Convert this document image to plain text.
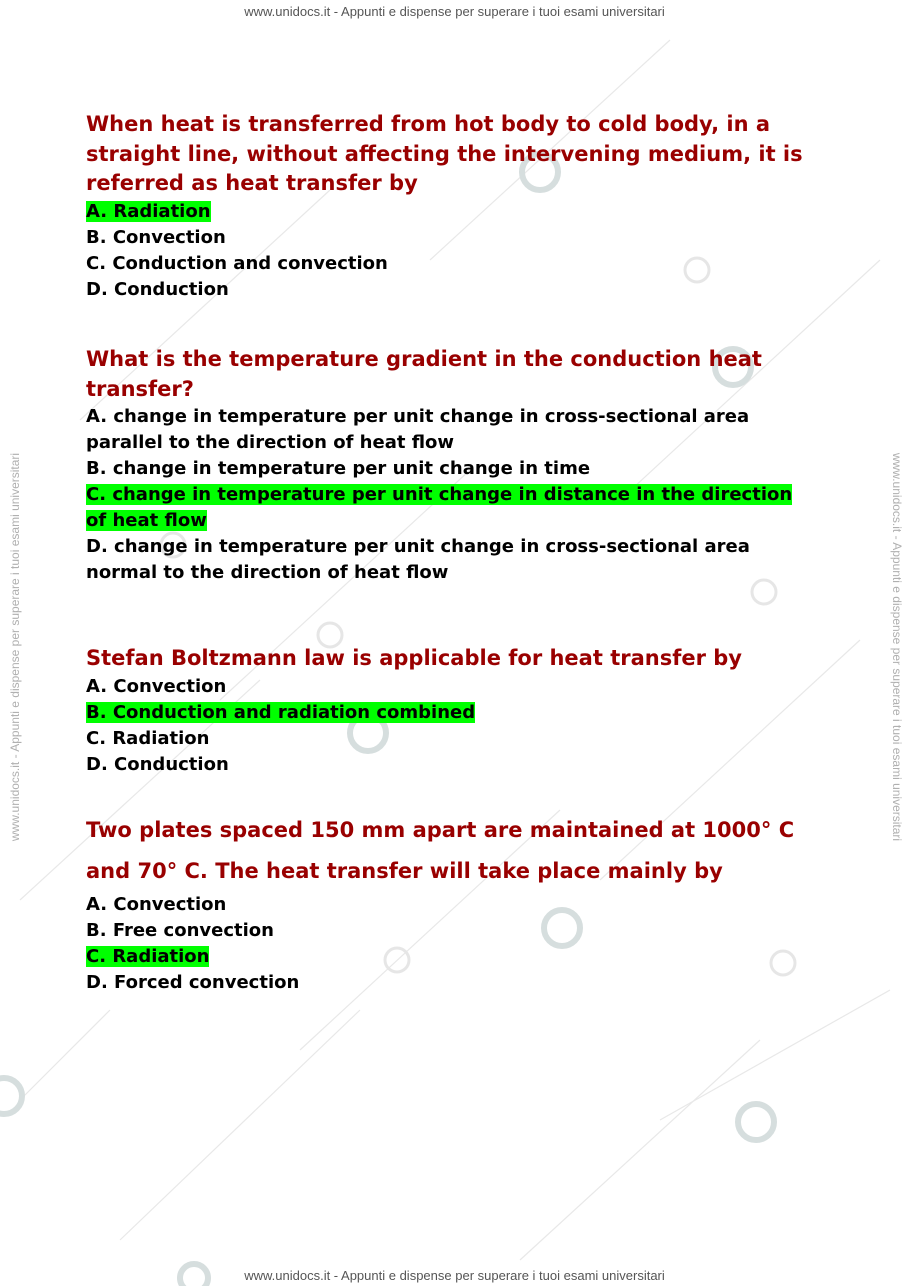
www.unidocs.it - Appunti e dispense per superare i tuoi esami universitari	www.unidocs.it - Appunti e dispense per superare i tuoi esami universitari
www.unidocs.it - Appunti e dispense per superare i tuoi esami universitari
www.unidocs.it - Appunti e dispense per superare i tuoi esami universitari

When heat is transferred from hot body to cold body, in a straight line, without affecting the intervening medium, it is referred as heat transfer by

A. Radiation

B. Convection

C. Conduction and convection

D. Conduction

What is the temperature gradient in the conduction heat transfer?

A. change in temperature per unit change in cross-sectional area parallel to the direction of heat flow

B. change in temperature per unit change in time

C. change in temperature per unit change in distance in the direction of heat flow

D. change in temperature per unit change in cross-sectional area normal to the direction of heat flow

Stefan Boltzmann law is applicable for heat transfer by

A. Convection

B. Conduction and radiation combined

C. Radiation

D. Conduction

Two plates spaced 150 mm apart are maintained at 1000° C and 70° C. The heat transfer will take place mainly by

A. Convection

B. Free convection

C. Radiation

D. Forced convection
